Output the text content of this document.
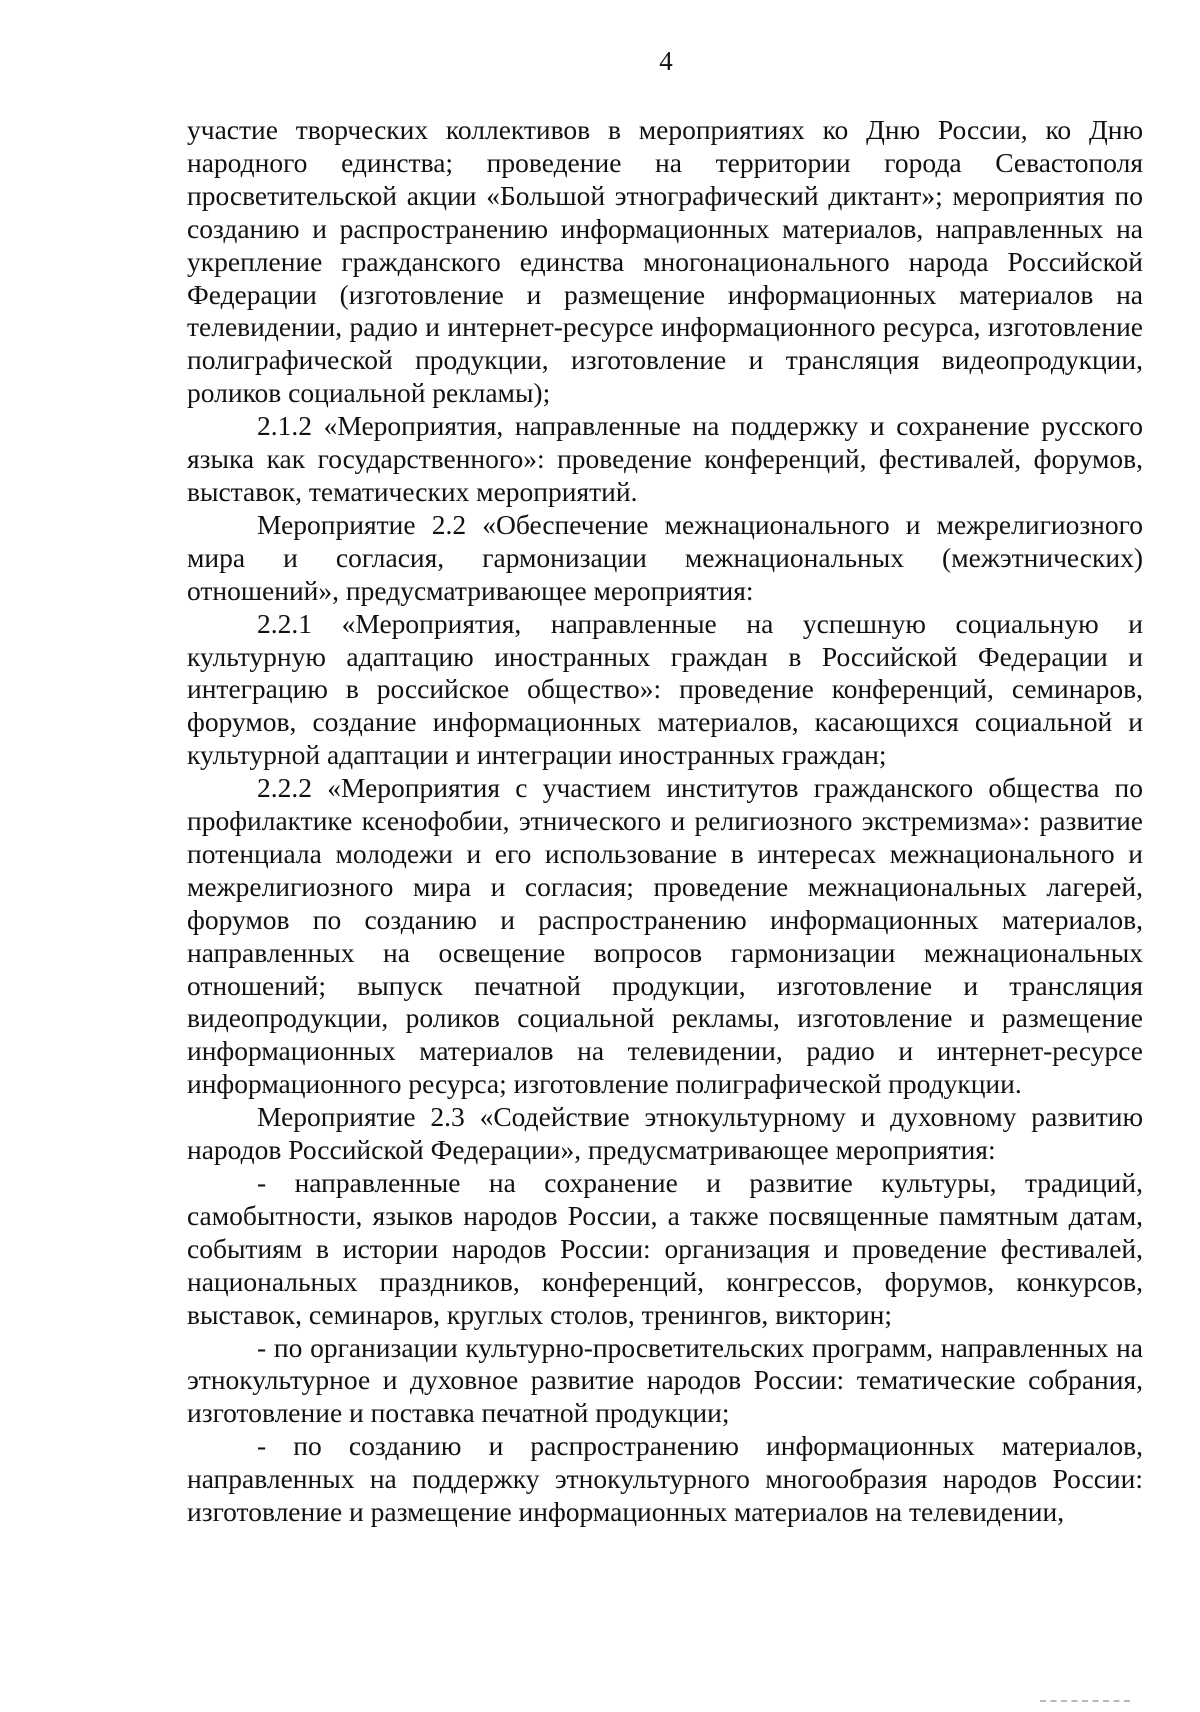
4

участие творческих коллективов в мероприятиях ко Дню России, ко Дню народного единства; проведение на территории города Севастополя просветительской акции «Большой этнографический диктант»; мероприятия по созданию и распространению информационных материалов, направленных на укрепление гражданского единства многонационального народа Российской Федерации (изготовление и размещение информационных материалов на телевидении, радио и интернет-ресурсе информационного ресурса, изготовление полиграфической продукции, изготовление и трансляция видеопродукции, роликов социальной рекламы);

2.1.2 «Мероприятия, направленные на поддержку и сохранение русского языка как государственного»: проведение конференций, фестивалей, форумов, выставок, тематических мероприятий.

Мероприятие 2.2 «Обеспечение межнационального и межрелигиозного мира и согласия, гармонизации межнациональных (межэтнических) отношений», предусматривающее мероприятия:

2.2.1 «Мероприятия, направленные на успешную социальную и культурную адаптацию иностранных граждан в Российской Федерации и интеграцию в российское общество»: проведение конференций, семинаров, форумов, создание информационных материалов, касающихся социальной и культурной адаптации и интеграции иностранных граждан;

2.2.2 «Мероприятия с участием институтов гражданского общества по профилактике ксенофобии, этнического и религиозного экстремизма»: развитие потенциала молодежи и его использование в интересах межнационального и межрелигиозного мира и согласия; проведение межнациональных лагерей, форумов по созданию и распространению информационных материалов, направленных на освещение вопросов гармонизации межнациональных отношений; выпуск печатной продукции, изготовление и трансляция видеопродукции, роликов социальной рекламы, изготовление и размещение информационных материалов на телевидении, радио и интернет-ресурсе информационного ресурса; изготовление полиграфической продукции.

Мероприятие 2.3 «Содействие этнокультурному и духовному развитию народов Российской Федерации», предусматривающее мероприятия:

- направленные на сохранение и развитие культуры, традиций, самобытности, языков народов России, а также посвященные памятным датам, событиям в истории народов России: организация и проведение фестивалей, национальных праздников, конференций, конгрессов, форумов, конкурсов, выставок, семинаров, круглых столов, тренингов, викторин;

- по организации культурно-просветительских программ, направленных на этнокультурное и духовное развитие народов России: тематические собрания, изготовление и поставка печатной продукции;

- по созданию и распространению информационных материалов, направленных на поддержку этнокультурного многообразия народов России: изготовление и размещение информационных материалов на телевидении,
